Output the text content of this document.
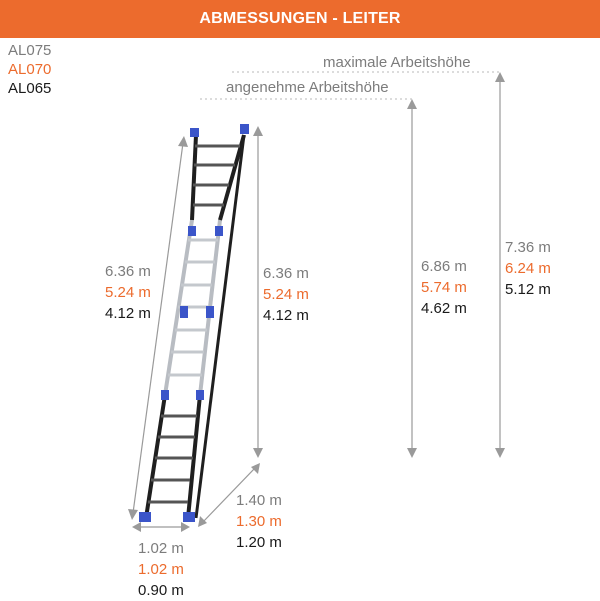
ABMESSUNGEN - LEITER
AL075
AL070
AL065
maximale Arbeitshöhe
angenehme Arbeitshöhe
6.36 m
5.24 m
4.12 m
6.36 m
5.24 m
4.12 m
6.86 m
5.74 m
4.62 m
7.36 m
6.24 m
5.12 m
1.40 m
1.30 m
1.20 m
1.02 m
1.02 m
0.90 m
